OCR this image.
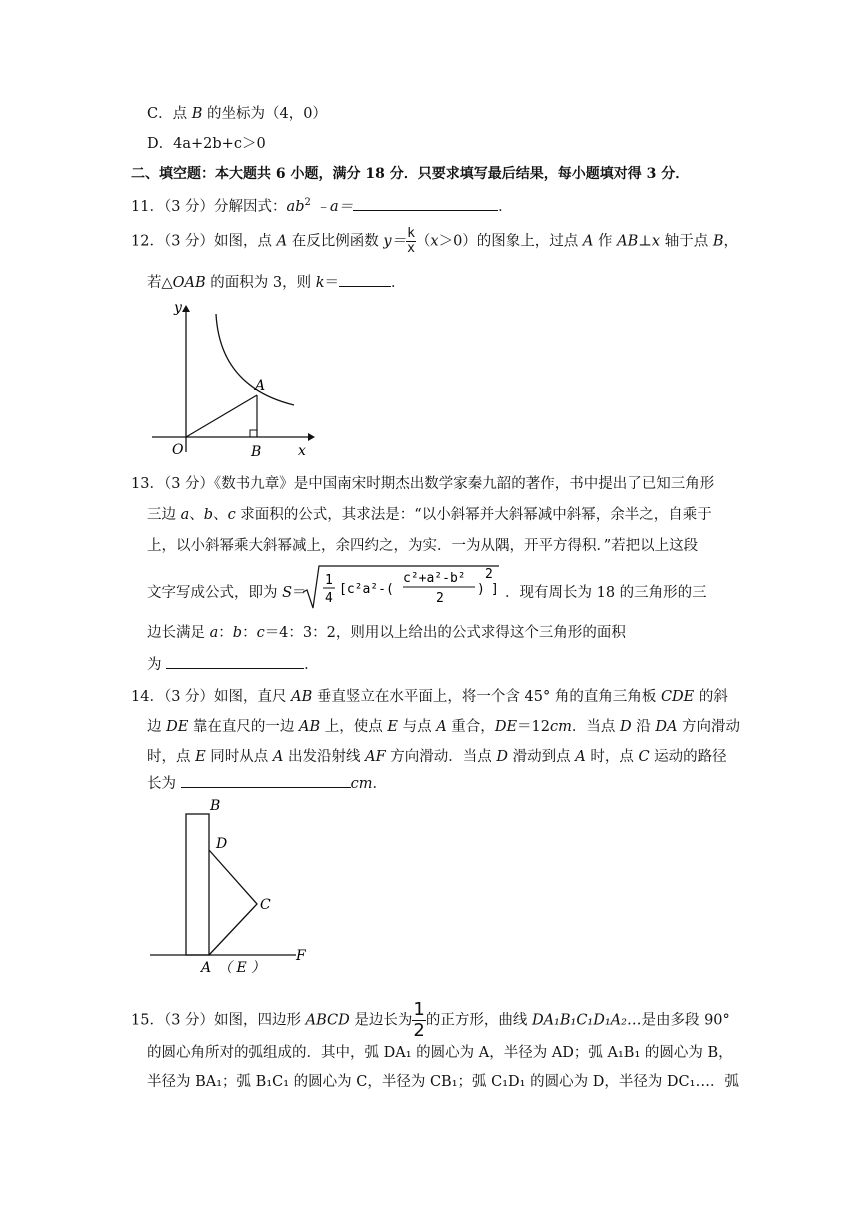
C．点 B 的坐标为（4，0）
D．4a+2b+c＞0
二、填空题：本大题共 6 小题，满分 18 分．只要求填写最后结果，每小题填对得 3 分．
11．（3 分）分解因式：$ab^2$ ﹣a＝	．
12．（3 分）如图，点 A 在反比例函数 $y= \frac{k}{x} (x>0)$的图象上，过点 A 作 AB⊥x 轴于点 B，
若△OAB 的面积为 3，则 k＝	．
y
x
O
A
B
13．（3 分）《数书九章》是中国南宋时期杰出数学家秦九韶的著作，书中提出了已知三角形
三边 a、b、c 求面积的公式，其求法是：“以小斜幂并大斜幂减中斜幂，余半之，自乘于
上，以小斜幂乘大斜幂减上，余四约之，为实．一为从隅，开平方得积．”若把以上这段
文字写成公式，即为 S＝
1
4
[c²a²-(
c²+a²-b²
2
)
2
] ．现有周长为 18 的三角形的三
边长满足 a：b：c＝4：3：2，则用以上给出的公式求得这个三角形的面积
为	．
14．（3 分）如图，直尺 AB 垂直竖立在水平面上，将一个含 45° 角的直角三角板 CDE 的斜
边 DE 靠在直尺的一边 AB 上，使点 E 与点 A 重合，DE＝12cm．当点 D 沿 DA 方向滑动
时，点 E 同时从点 A 出发沿射线 AF 方向滑动．当点 D 滑动到点 A 时，点 C 运动的路径
长为	cm．
B
D
C
A （ E ）
F
15．（3 分）如图，四边形 ABCD 是边长为 $\frac{1}{2}$ 的正方形，曲线 DA₁B₁C₁D₁A₂…是由多段 90°
的圆心角所对的弧组成的．其中，弧 DA₁ 的圆心为 A，半径为 AD；弧 A₁B₁ 的圆心为 B，
半径为 BA₁；弧 B₁C₁ 的圆心为 C，半径为 CB₁；弧 C₁D₁ 的圆心为 D，半径为 DC₁…．弧
